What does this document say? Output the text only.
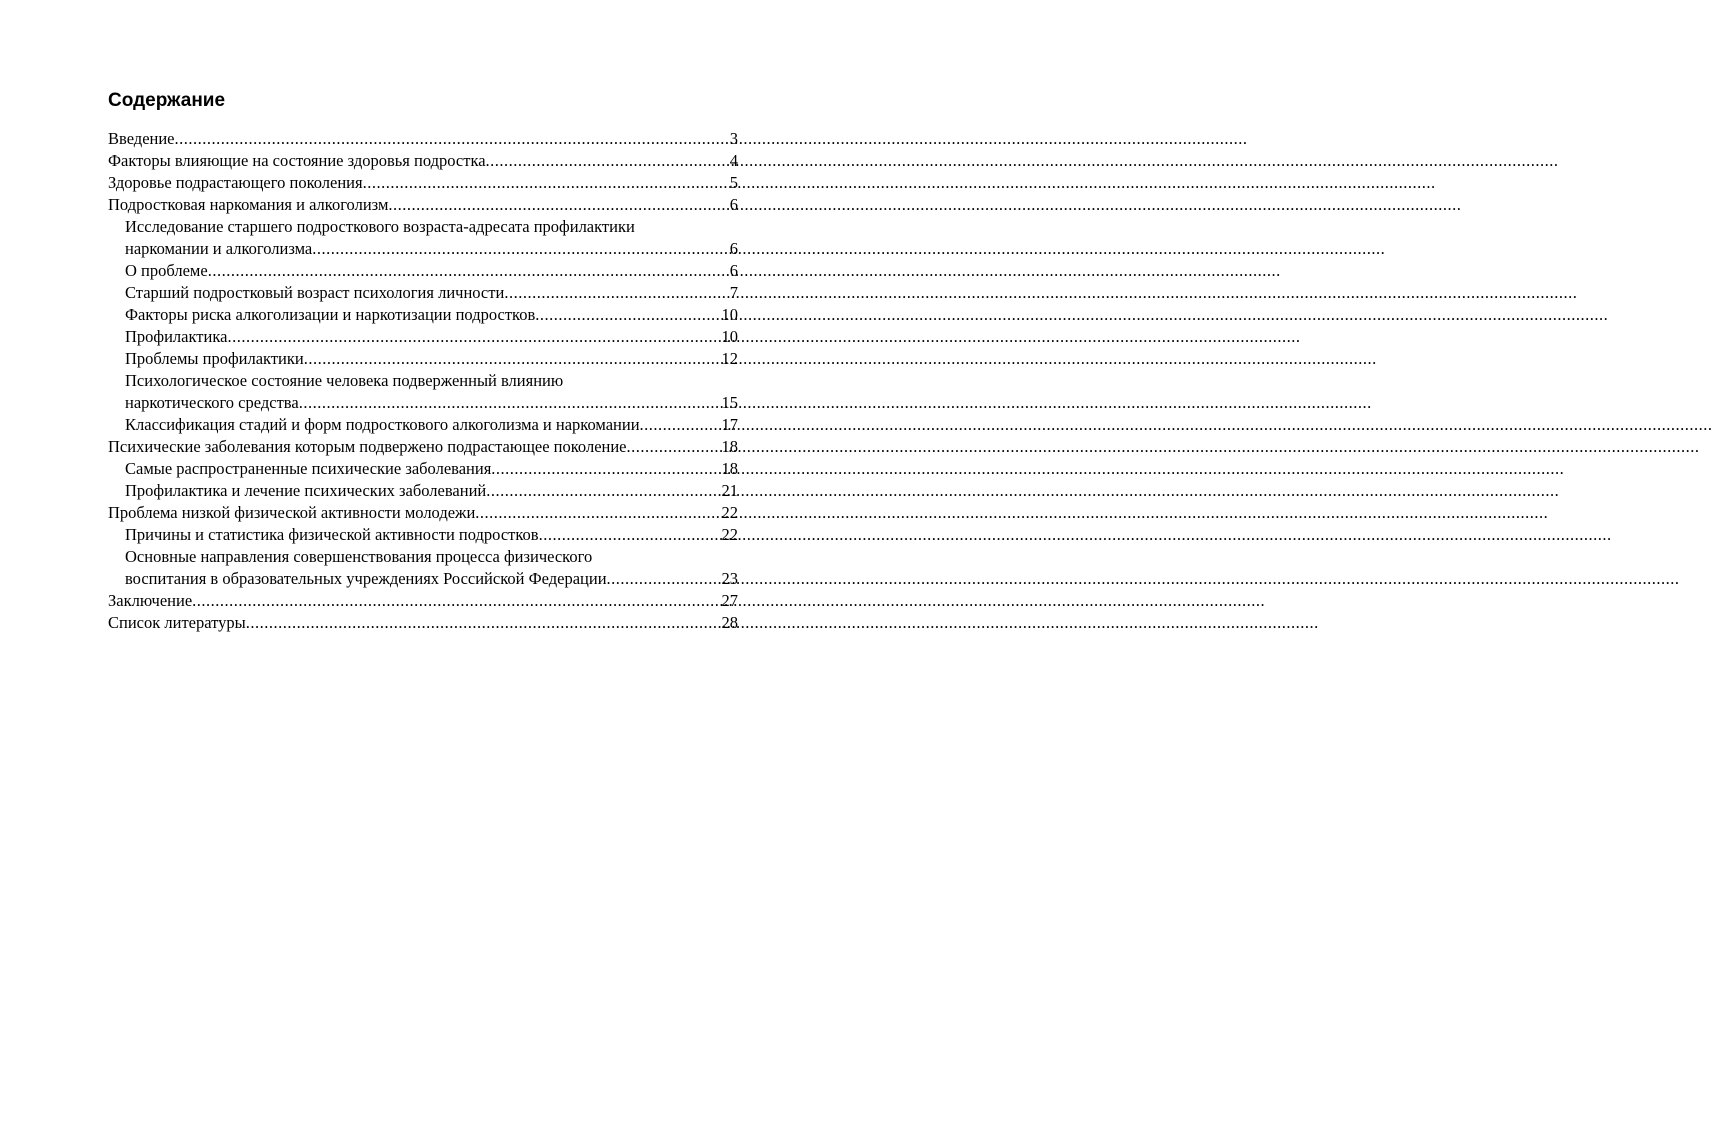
Содержание
Введение .....	3
Факторы влияющие на состояние здоровья подростка .....	4
Здоровье подрастающего поколения .....	5
Подростковая наркомания и алкоголизм .....	6
Исследование старшего подросткового возраста-адресата профилактики
наркомании и алкоголизма .....	6
О проблеме .....	6
Старший подростковый возраст психология личности .....	7
Факторы риска алкоголизации и наркотизации подростков .....	10
Профилактика .....	10
Проблемы профилактики .....	12
Психологическое состояние человека подверженный влиянию
наркотического средства .....	15
Классификация стадий и форм подросткового алкоголизма и наркомании .....	17
Психические заболевания которым подвержено подрастающее поколение .....	18
Самые распространенные психические заболевания .....	18
Профилактика и лечение психических заболеваний .....	21
Проблема низкой физической активности молодежи .....	22
Причины и статистика физической активности подростков .....	22
Основные направления совершенствования процесса физического
воспитания в образовательных учреждениях Российской Федерации .....	23
Заключение .....	27
Список литературы .....	28
